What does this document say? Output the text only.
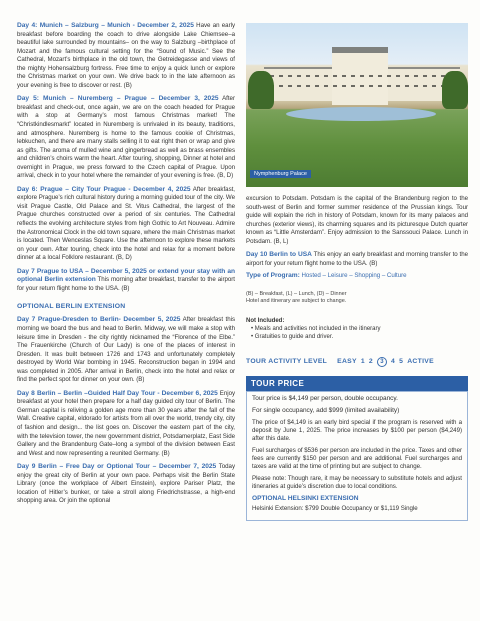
Day 4: Munich – Salzburg – Munich - December 2, 2025 Have an early breakfast before boarding the coach to drive alongside Lake Chiemsee–a beautiful lake surrounded by mountains– on the way to Salzburg –birthplace of Mozart and the famous cultural setting for the “Sound of Music.” See the Cathedral, Mozart’s birthplace in the old town, the Getreidegasse and views of the mighty Hohensalzburg fortress. Free time to enjoy a quick lunch or explore the Christmas market on your own. We drive back to in the late afternoon as your evening is free to discover or rest. (B)

Day 5: Munich – Nuremberg – Prague – December 3, 2025 After breakfast and check-out, once again, we are on the coach headed for Prague with a stop at Germany’s most famous Christmas market! The “Christkindlesmarkt” located in Nuremberg is unrivaled in its beauty, traditions, and atmosphere. Nuremberg is home to the famous cookie of Christmas, lebkuchen, and there are many stalls selling it to eat right then or wrap and give as gifts. The aroma of mulled wine and gingerbread as well as brass ensembles and children’s choirs warm the heart. After touring, shopping, Dinner at hotel and overnight in Prague, we press forward to the Czech capital of Prague. Upon arrival, check in to your hotel where the remainder of your evening is free. (B, D)

Day 6: Prague – City Tour Prague - December 4, 2025 After breakfast, explore Prague’s rich cultural history during a morning guided tour of the city. We visit Prague Castle, Old Palace and St. Vitus Cathedral, the largest of the Prague churches constructed over a period of six centuries. The Cathedral reflects the evolving architecture styles from high Gothic to Art Nouveau. Admire the Astronomical Clock in the old town square, where the main Christmas market is located. Then Wenceslas Square. Use the afternoon to explore these markets on your own. After touring, check into the hotel and relax for a moment before dinner at a local Folklore restaurant. (B, D)

Day 7 Prague to USA – December 5, 2025 or extend your stay with an optional Berlin extension This morning after breakfast, transfer to the airport for your return flight home to the USA. (B)

OPTIONAL BERLIN EXTENSION

Day 7 Prague-Dresden to Berlin- December 5, 2025 After breakfast this morning we board the bus and head to Berlin. Midway, we will make a stop with leisure time in Dresden - the city rightly nicknamed the “Florence of the Elbe.” The Frauenkirche (Church of Our Lady) is one of the places of interest in Dresden. It was built between 1726 and 1743 and unfortunately completely destroyed by World War bombing in 1945. Reconstruction began in 1994 and was completed in 2005. After arrival in Berlin, check into the hotel and relax or find the perfect spot for dinner on your own. (B)

Day 8 Berlin – Berlin –Guided Half Day Tour - December 6, 2025 Enjoy breakfast at your hotel then prepare for a half day guided city tour of Berlin. The German capital is reliving a golden age more than 30 years after the fall of the Wall. Creative capital, eldorado for artists from all over the world, trendy city, city of fashion and design... the list goes on. Discover the eastern part of the city, with the television tower, the new government district, Potsdamerplatz, East Side Gallery and the Brandenburg Gate–long a symbol of the division between East and West and now representing a reunited Germany. (B)

Day 9 Berlin – Free Day or Optional Tour – December 7, 2025 Today enjoy the great city of Berlin at your own pace. Perhaps visit the Berlin State Library (once the workplace of Albert Einstein), explore Pariser Platz, the location of Hitler’s bunker, or take a stroll along Friedrichstrasse, a high-end shopping area. Or join the optional

Nymphenburg Palace

excursion to Potsdam. Potsdam is the capital of the Brandenburg region to the south-west of Berlin and former summer residence of the Prussian kings. Tour guide will explain the rich in history of Potsdam, known for its many palaces and churches (exterior views), its charming squares and its picturesque Dutch quarter known as “Little Amsterdam”. Enjoy admission to the Sanssouci Palace. Lunch in Potsdam. (B, L)

Day 10 Berlin to USA This enjoy an early breakfast and morning transfer to the airport for your return flight home to the USA. (B)

Type of Program: Hosted – Leisure – Shopping – Culture

(B) – Breakfast, (L) – Lunch, (D) – Dinner
Hotel and itinerary are subject to change.
Not Included:
• Meals and activities not included in the itinerary
• Gratuities to guide and driver.
TOUR ACTIVITY LEVEL EASY 1 2	3	4 5 ACTIVE
TOUR PRICE

Tour price is $4,149 per person, double occupancy.

For single occupancy, add $999 (limited availability)

The price of $4,149 is an early bird special if the program is reserved with a deposit by June 1, 2025. The price increases by $100 per person ($4,249) after this date.

Fuel surcharges of $536 per person are included in the price. Taxes and other fees are currently $150 per person and are additional. Fuel surcharges and taxes are valid at the time of printing but are subject to change.

Please note: Though rare, it may be necessary to substitute hotels and adjust itineraries at guide’s discretion due to local conditions.

OPTIONAL HELSINKI EXTENSION

Helsinki Extension: $799 Double Occupancy or $1,119 Single
